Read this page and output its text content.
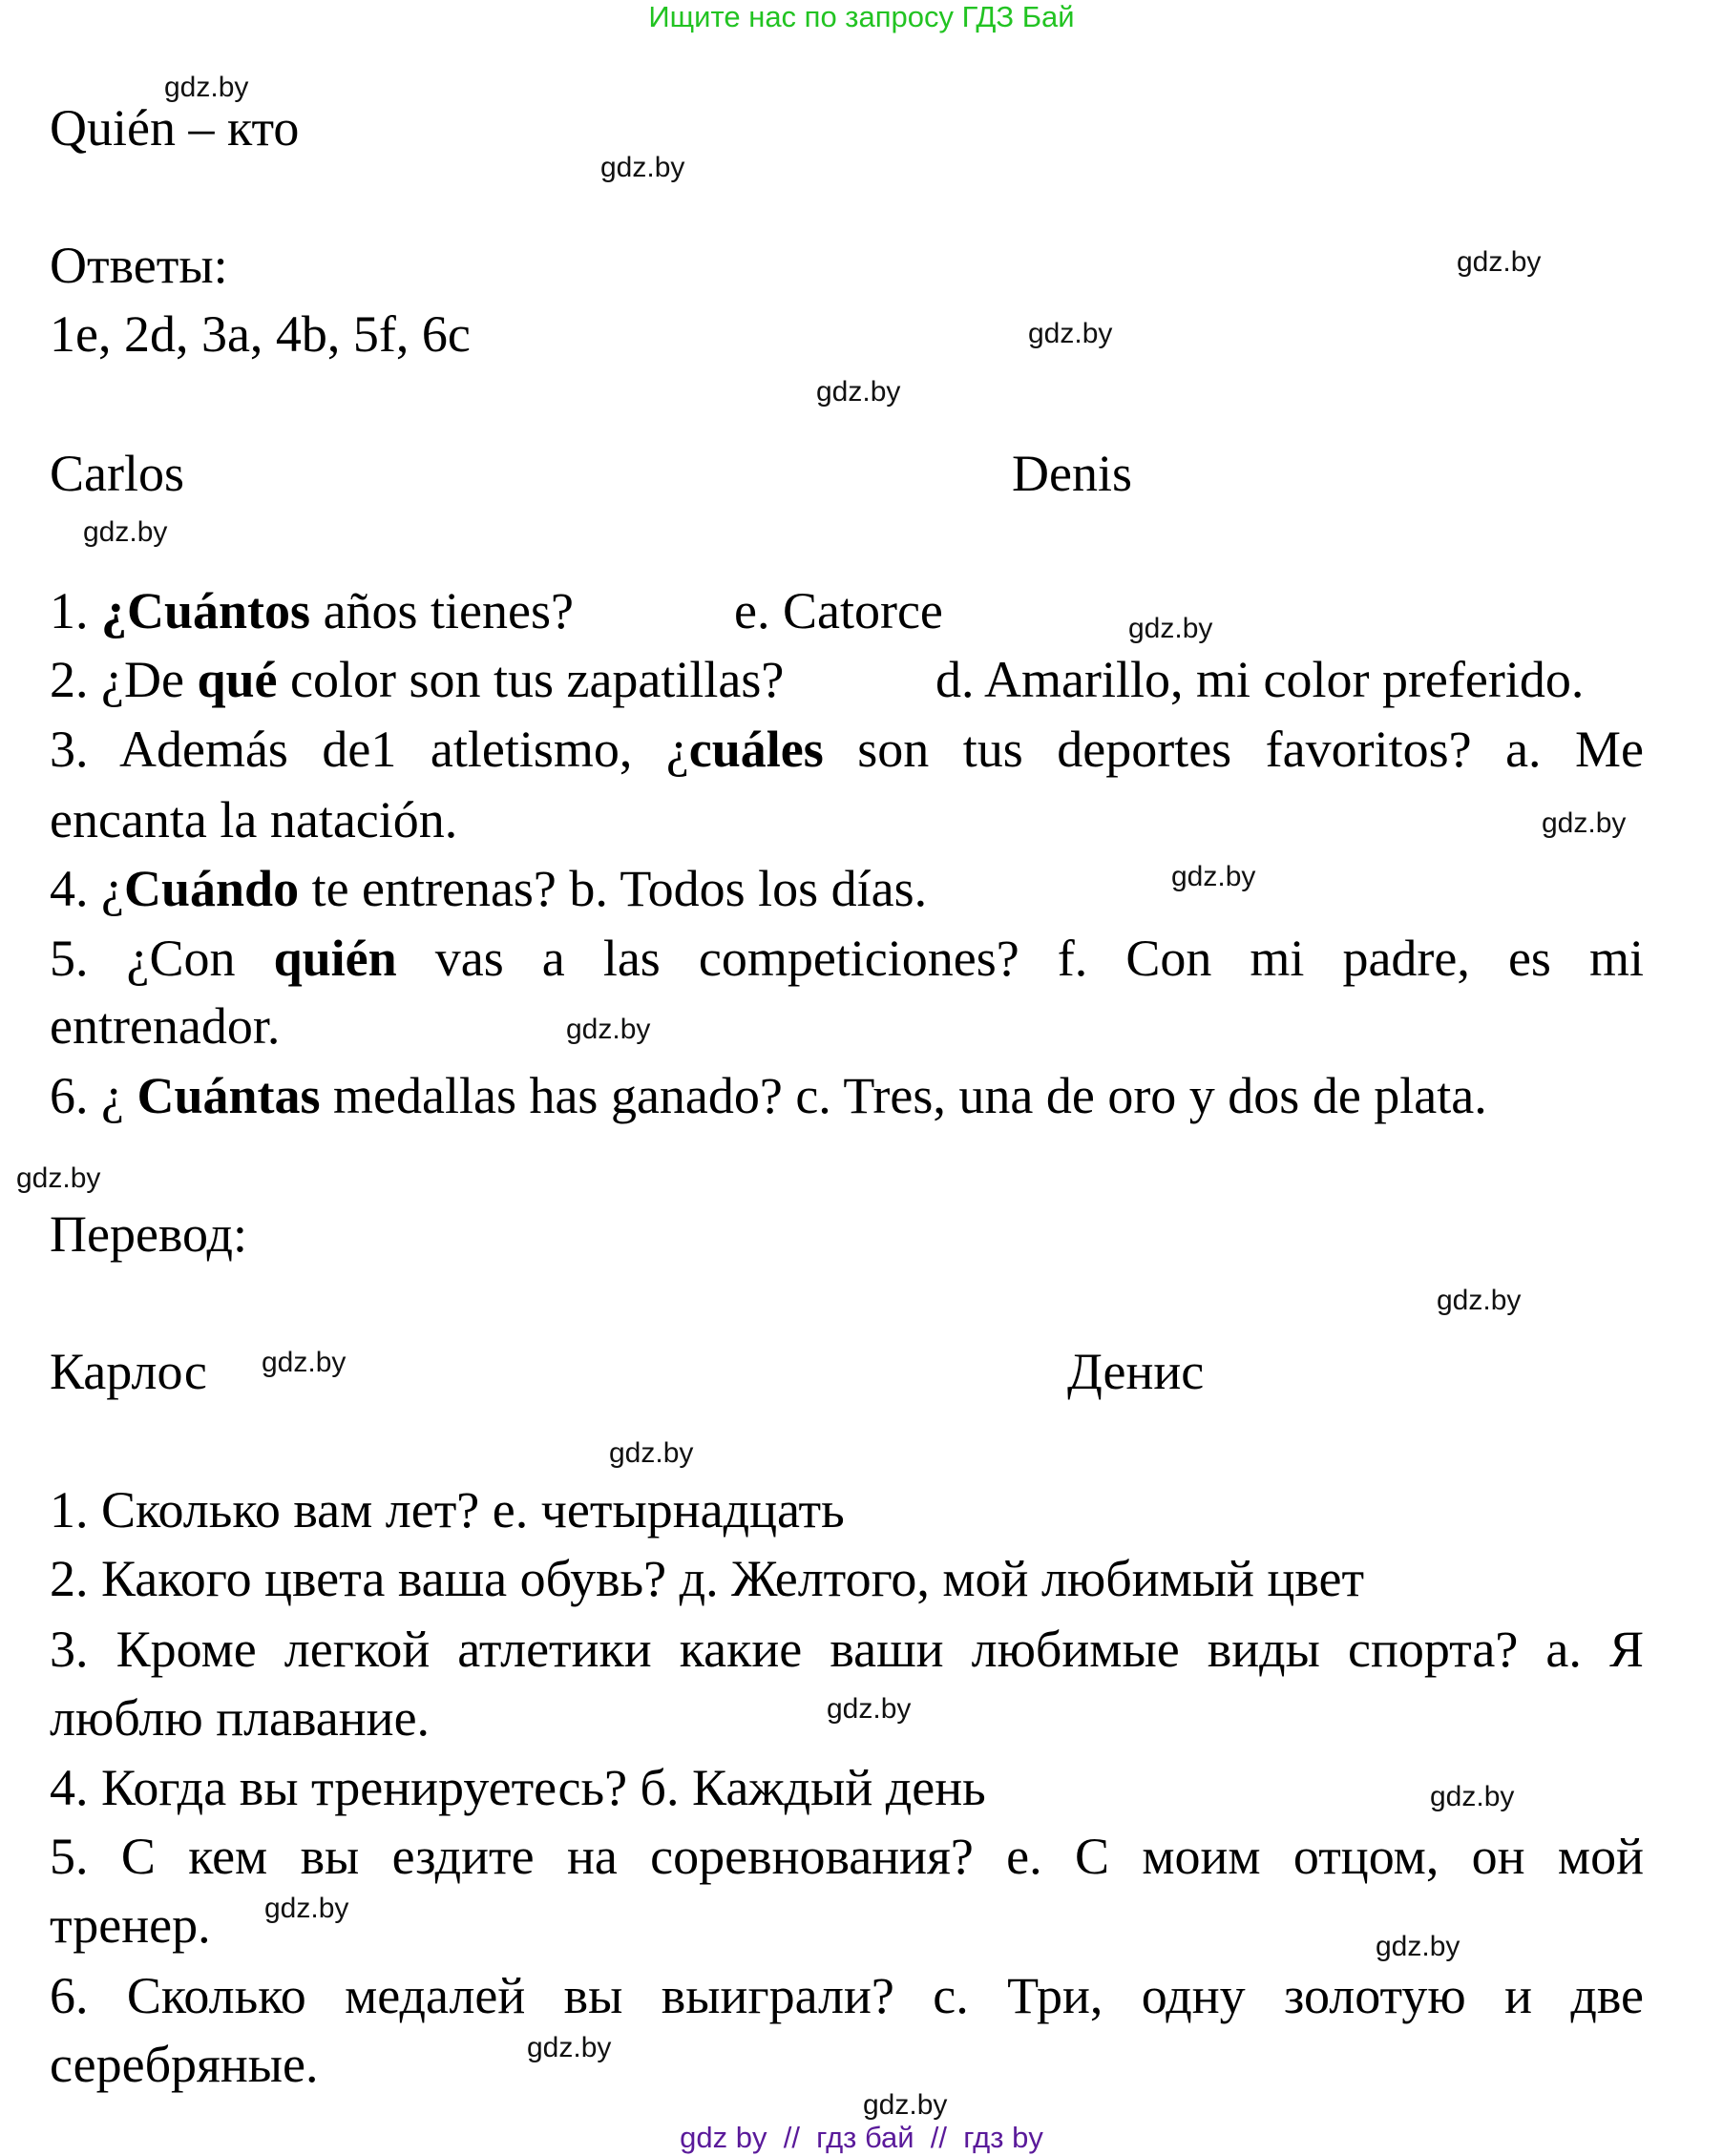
Ищите нас по запросу ГДЗ Бай
Quién – кто
Ответы:
1e, 2d, 3a, 4b, 5f, 6c
Carlos	Denis
1. ¿Cuántos años tienes?	e. Catorce
2. ¿De qué color son tus zapatillas?	d. Amarillo, mi color preferido.
3. Además de1 atletismo, ¿cuáles son tus deportes favoritos? a. Me
encanta la natación.
4. ¿Cuándo te entrenas? b. Todos los días.
5. ¿Con quién vas a las competiciones? f. Con mi padre, es mi
entrenador.
6. ¿ Cuántas medallas has ganado? c. Tres, una de oro y dos de plata.
Перевод:
Карлос	Денис
1. Сколько вам лет? е. четырнадцать
2. Какого цвета ваша обувь? д. Желтого, мой любимый цвет
3. Кроме легкой атлетики какие ваши любимые виды спорта? а. Я
люблю плавание.
4. Когда вы тренируетесь? б. Каждый день
5. С кем вы ездите на соревнования? е. С моим отцом, он мой
тренер.
6. Сколько медалей вы выиграли? с. Три, одну золотую и две
серебряные.
gdz.by
gdz.by
gdz.by
gdz.by
gdz.by
gdz.by
gdz.by
gdz.by
gdz.by
gdz.by
gdz.by
gdz.by
gdz.by
gdz.by
gdz.by
gdz.by
gdz.by
gdz.by
gdz.by
gdz.by
gdz by  //  гдз бай  //  гдз by
